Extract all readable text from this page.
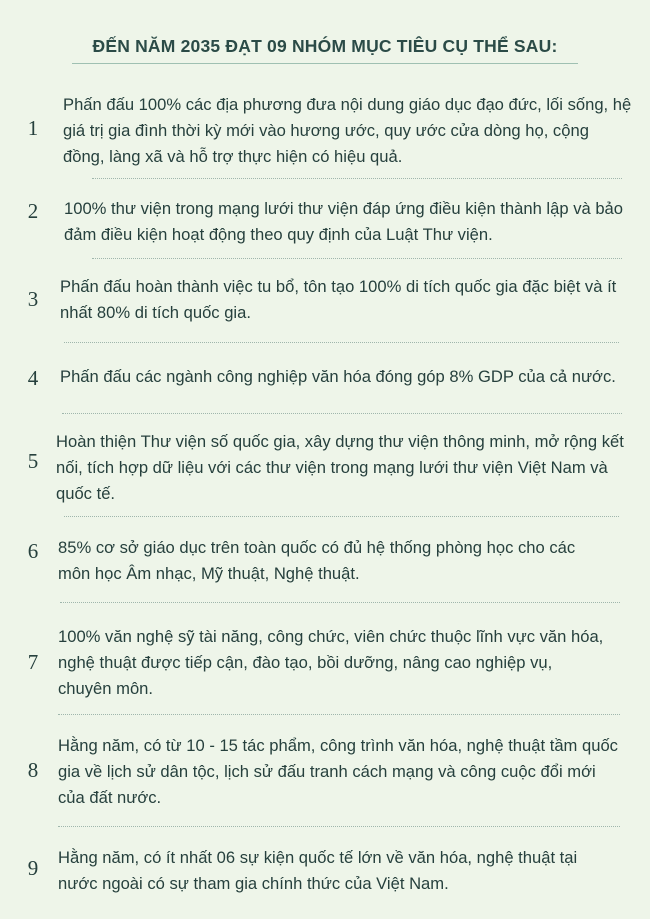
ĐẾN NĂM 2035 ĐẠT 09 NHÓM MỤC TIÊU CỤ THỂ SAU:
1
Phấn đấu 100% các địa phương đưa nội dung giáo dục đạo đức, lối sống, hệ giá trị gia đình thời kỳ mới vào hương ước, quy ước cửa dòng họ, cộng đồng, làng xã và hỗ trợ thực hiện có hiệu quả.
2	100% thư viện trong mạng lưới thư viện đáp ứng điều kiện thành lập và bảo đảm điều kiện hoạt động theo quy định của Luật Thư viện.
3
Phấn đấu hoàn thành việc tu bổ, tôn tạo 100% di tích quốc gia đặc biệt và ít nhất 80% di tích quốc gia.
4	Phấn đấu các ngành công nghiệp văn hóa đóng góp 8% GDP của cả nước.
5
Hoàn thiện Thư viện số quốc gia, xây dựng thư viện thông minh, mở rộng kết nối, tích hợp dữ liệu với các thư viện trong mạng lưới thư viện Việt Nam và quốc tế.
6	85% cơ sở giáo dục trên toàn quốc có đủ hệ thống phòng học cho các môn học Âm nhạc, Mỹ thuật, Nghệ thuật.
7
100% văn nghệ sỹ tài năng, công chức, viên chức thuộc lĩnh vực văn hóa, nghệ thuật được tiếp cận, đào tạo, bồi dưỡng, nâng cao nghiệp vụ, chuyên môn.
8
Hằng năm, có từ 10 - 15 tác phẩm, công trình văn hóa, nghệ thuật tầm quốc gia về lịch sử dân tộc, lịch sử đấu tranh cách mạng và công cuộc đổi mới của đất nước.
9	Hằng năm, có ít nhất 06 sự kiện quốc tế lớn về văn hóa, nghệ thuật tại nước ngoài có sự tham gia chính thức của Việt Nam.
